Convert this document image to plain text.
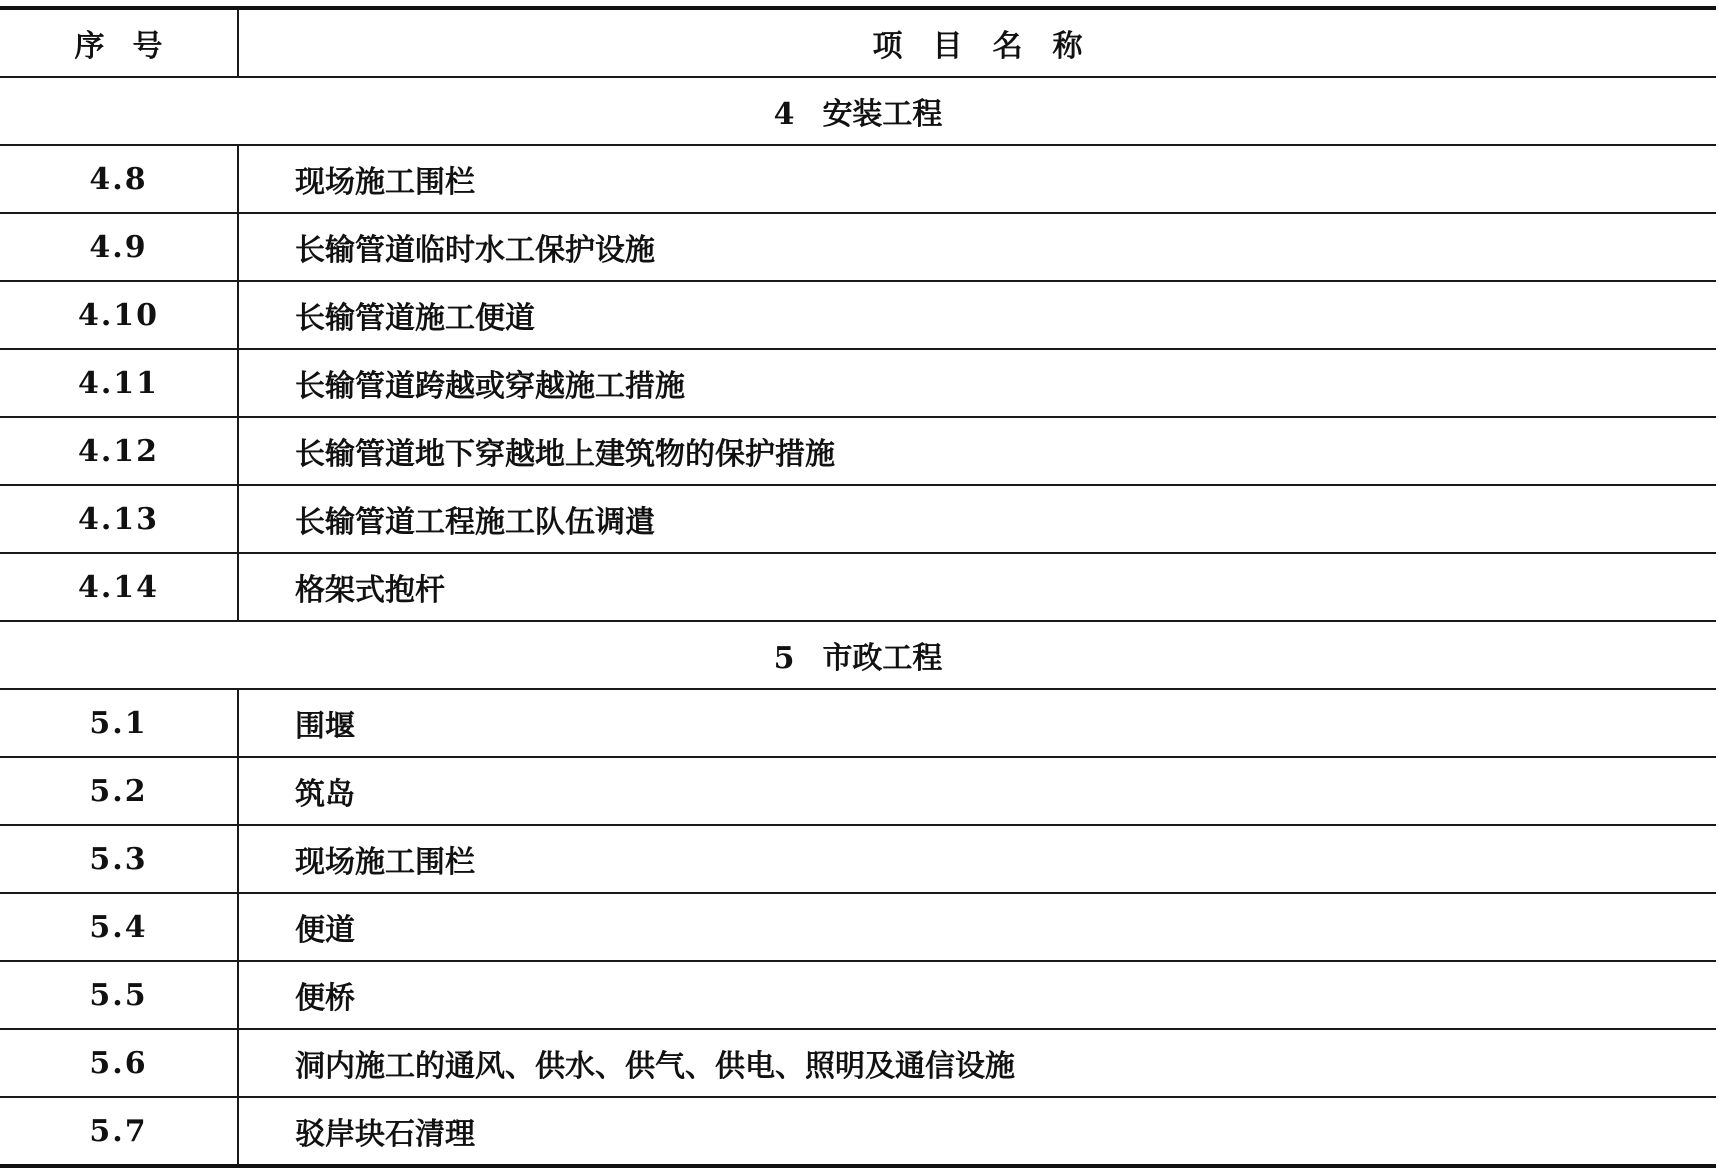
序号	项目名称
4 安装工程	
4.8	现场施工围栏
4.9	长输管道临时水工保护设施
4.10	长输管道施工便道
4.11	长输管道跨越或穿越施工措施
4.12	长输管道地下穿越地上建筑物的保护措施
4.13	长输管道工程施工队伍调遣
4.14	格架式抱杆
5 市政工程	
5.1	围堰
5.2	筑岛
5.3	现场施工围栏
5.4	便道
5.5	便桥
5.6	洞内施工的通风、供水、供气、供电、照明及通信设施
5.7	驳岸块石清理
